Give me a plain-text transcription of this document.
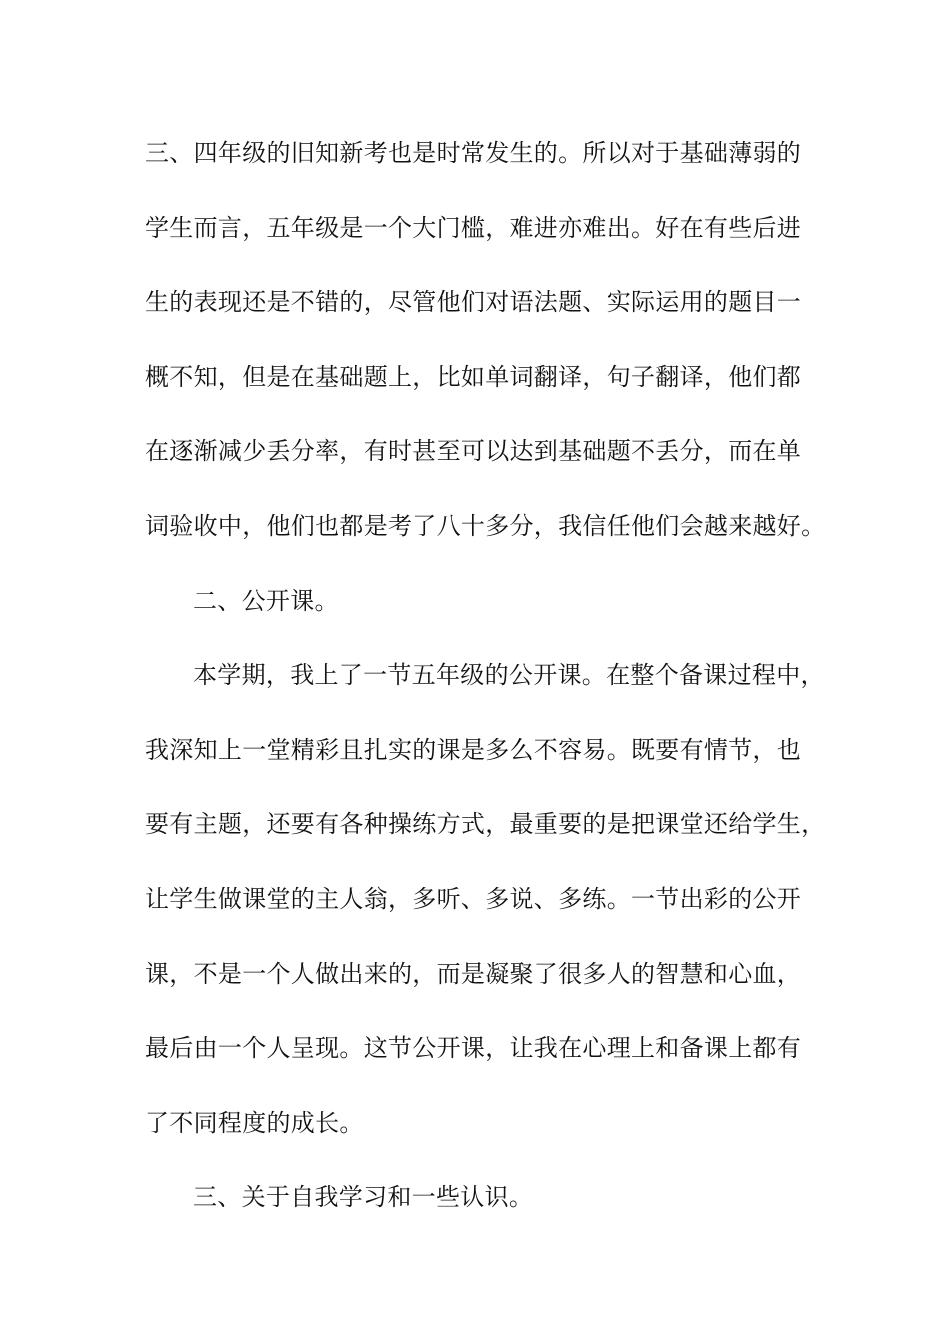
三、四年级的旧知新考也是时常发生的。所以对于基础薄弱的
学生而言，五年级是一个大门槛，难进亦难出。好在有些后进
生的表现还是不错的，尽管他们对语法题、实际运用的题目一
概不知，但是在基础题上，比如单词翻译，句子翻译，他们都
在逐渐减少丢分率，有时甚至可以达到基础题不丢分，而在单
词验收中，他们也都是考了八十多分，我信任他们会越来越好。
二、公开课。
本学期，我上了一节五年级的公开课。在整个备课过程中，
我深知上一堂精彩且扎实的课是多么不容易。既要有情节，也
要有主题，还要有各种操练方式，最重要的是把课堂还给学生，
让学生做课堂的主人翁，多听、多说、多练。一节出彩的公开
课，不是一个人做出来的，而是凝聚了很多人的智慧和心血，
最后由一个人呈现。这节公开课，让我在心理上和备课上都有
了不同程度的成长。
三、关于自我学习和一些认识。
